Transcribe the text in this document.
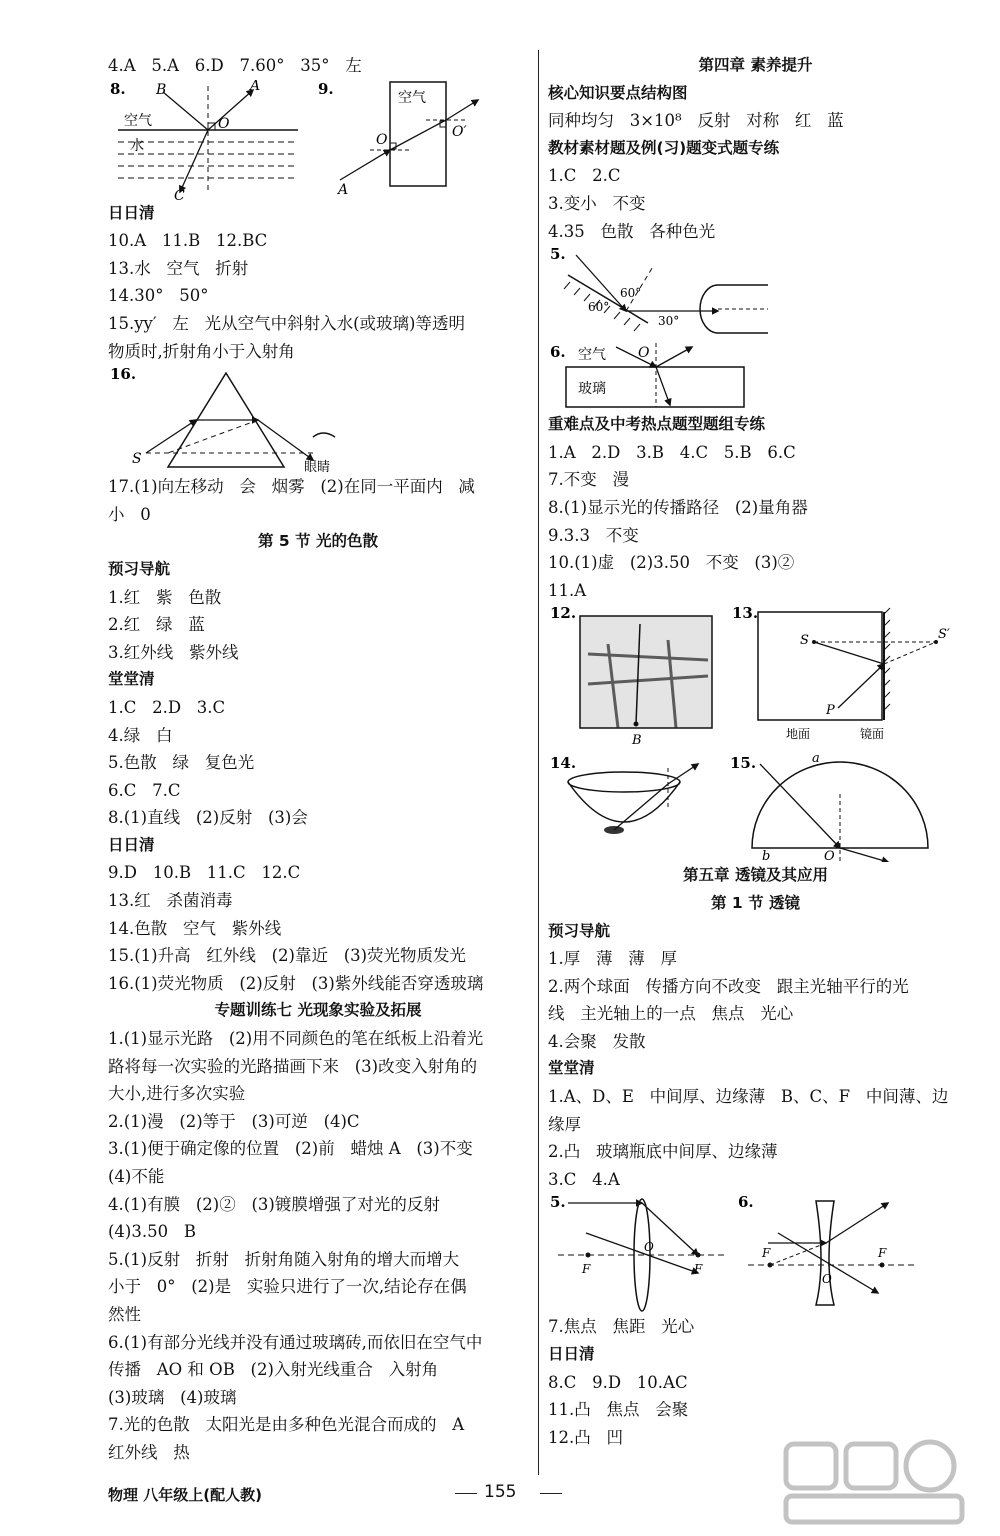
4.A   5.A   6.D   7.60°   35°   左
8. B	A
O
C
空气
水
9.	空气
O	O′
A
日日清
10.A   11.B   12.BC
13.水   空气   折射
14.30°   50°
15.yy′   左   光从空气中斜射入水(或玻璃)等透明
物质时,折射角小于入射角
16.
S
眼睛
17.(1)向左移动   会   烟雾   (2)在同一平面内   减
小   0
第 5 节 光的色散
预习导航
1.红   紫   色散
2.红   绿   蓝
3.红外线   紫外线
堂堂清
1.C   2.D   3.C
4.绿   白
5.色散   绿   复色光
6.C   7.C
8.(1)直线   (2)反射   (3)会
日日清
9.D   10.B   11.C   12.C
13.红   杀菌消毒
14.色散   空气   紫外线
15.(1)升高   红外线   (2)靠近   (3)荧光物质发光
16.(1)荧光物质   (2)反射   (3)紫外线能否穿透玻璃
专题训练七 光现象实验及拓展
1.(1)显示光路   (2)用不同颜色的笔在纸板上沿着光
路将每一次实验的光路描画下来   (3)改变入射角的
大小,进行多次实验
2.(1)漫   (2)等于   (3)可逆   (4)C
3.(1)便于确定像的位置   (2)前   蜡烛 A   (3)不变
(4)不能
4.(1)有膜   (2)②   (3)镀膜增强了对光的反射
(4)3.50   B
5.(1)反射   折射   折射角随入射角的增大而增大
小于   0°   (2)是   实验只进行了一次,结论存在偶
然性
6.(1)有部分光线并没有通过玻璃砖,而依旧在空气中
传播   AO 和 OB   (2)入射光线重合   入射角
(3)玻璃   (4)玻璃
7.光的色散   太阳光是由多种色光混合而成的   A
红外线   热
第四章 素养提升
核心知识要点结构图
同种均匀   3×10⁸   反射   对称   红   蓝
教材素材题及例(习)题变式题专练
1.C   2.C
3.变小   不变
4.35   色散   各种色光
5.
60°
60°
30°
6. 空气 O
玻璃
重难点及中考热点题型题组专练
1.A   2.D   3.B   4.C   5.B   6.C
7.不变   漫
8.(1)显示光的传播路径   (2)量角器
9.3.3   不变
10.(1)虚   (2)3.50   不变   (3)②
11.A
12.
B
13.
S	S′
P
地面	镜面
14.	15.	a
b	O
第五章 透镜及其应用
第 1 节 透镜
预习导航
1.厚   薄   薄   厚
2.两个球面   传播方向不改变   跟主光轴平行的光
线   主光轴上的一点   焦点   光心
4.会聚   发散
堂堂清
1.A、D、E   中间厚、边缘薄   B、C、F   中间薄、边缘厚
2.凸   玻璃瓶底中间厚、边缘薄
3.C   4.A
5.
F	F
O
6.
F	F
O
7.焦点   焦距   光心
日日清
8.C   9.D   10.AC
11.凸   焦点   会聚
12.凸   凹
物理 八年级上(配人教)	155
